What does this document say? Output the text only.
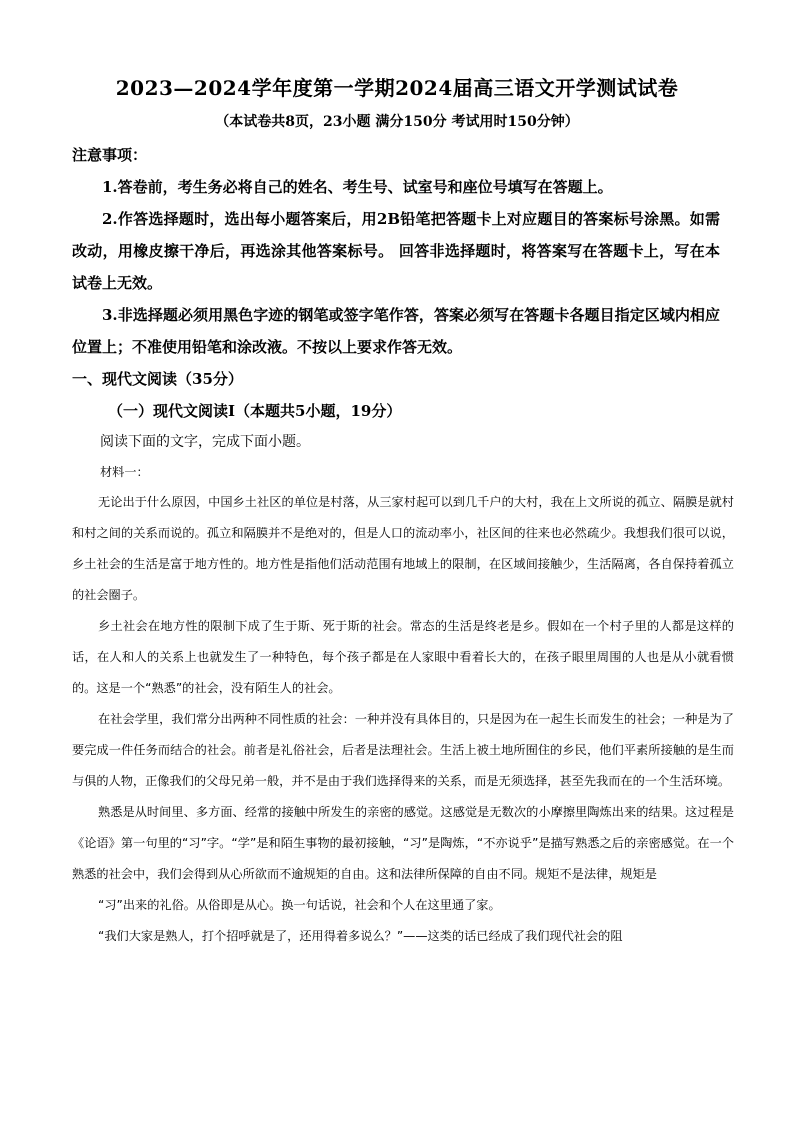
2023—2024学年度第一学期2024届高三语文开学测试试卷
（本试卷共8页，23小题 满分150分 考试用时150分钟）

注意事项：

1.答卷前，考生务必将自己的姓名、考生号、试室号和座位号填写在答题上。

2.作答选择题时，选出每小题答案后，用2B铅笔把答题卡上对应题目的答案标号涂黑。如需改动，用橡皮擦干净后，再选涂其他答案标号。 回答非选择题时，将答案写在答题卡上，写在本试卷上无效。

3.非选择题必须用黑色字迹的钢笔或签字笔作答，答案必须写在答题卡各题目指定区域内相应位置上；不准使用铅笔和涂改液。不按以上要求作答无效。

一、现代文阅读（35分）

（一）现代文阅读Ⅰ（本题共5小题，19分）

阅读下面的文字，完成下面小题。
材料一：

无论出于什么原因，中国乡土社区的单位是村落，从三家村起可以到几千户的大村，我在上文所说的孤立、隔膜是就村和村之间的关系而说的。孤立和隔膜并不是绝对的，但是人口的流动率小，社区间的往来也必然疏少。我想我们很可以说，乡土社会的生活是富于地方性的。地方性是指他们活动范围有地域上的限制，在区域间接触少，生活隔离，各自保持着孤立的社会圈子。

乡土社会在地方性的限制下成了生于斯、死于斯的社会。常态的生活是终老是乡。假如在一个村子里的人都是这样的话，在人和人的关系上也就发生了一种特色，每个孩子都是在人家眼中看着长大的，在孩子眼里周围的人也是从小就看惯的。这是一个“熟悉”的社会，没有陌生人的社会。

在社会学里，我们常分出两种不同性质的社会：一种并没有具体目的，只是因为在一起生长而发生的社会；一种是为了要完成一件任务而结合的社会。前者是礼俗社会，后者是法理社会。生活上被土地所囿住的乡民，他们平素所接触的是生而与俱的人物，正像我们的父母兄弟一般，并不是由于我们选择得来的关系，而是无须选择，甚至先我而在的一个生活环境。

熟悉是从时间里、多方面、经常的接触中所发生的亲密的感觉。这感觉是无数次的小摩擦里陶炼出来的结果。这过程是《论语》第一句里的“习”字。“学”是和陌生事物的最初接触，“习”是陶炼，“不亦说乎”是描写熟悉之后的亲密感觉。在一个熟悉的社会中，我们会得到从心所欲而不逾规矩的自由。这和法律所保障的自由不同。规矩不是法律，规矩是

“习”出来的礼俗。从俗即是从心。换一句话说，社会和个人在这里通了家。

“我们大家是熟人，打个招呼就是了，还用得着多说么？”——这类的话已经成了我们现代社会的阻
